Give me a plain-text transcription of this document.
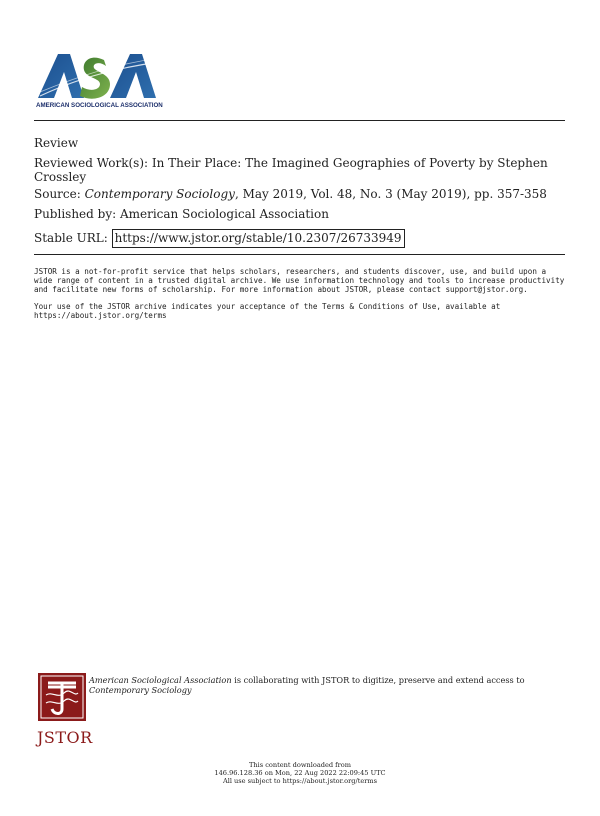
AMERICAN SOCIOLOGICAL ASSOCIATION
Review
Reviewed Work(s): In Their Place: The Imagined Geographies of Poverty by Stephen Crossley
Source: Contemporary Sociology, May 2019, Vol. 48, No. 3 (May 2019), pp. 357-358
Published by: American Sociological Association
Stable URL: https://www.jstor.org/stable/10.2307/26733949
JSTOR is a not-for-profit service that helps scholars, researchers, and students discover, use, and build upon a wide range of content in a trusted digital archive. We use information technology and tools to increase productivity and facilitate new forms of scholarship. For more information about JSTOR, please contact support@jstor.org.
Your use of the JSTOR archive indicates your acceptance of the Terms & Conditions of Use, available at https://about.jstor.org/terms
JSTOR
American Sociological Association is collaborating with JSTOR to digitize, preserve and extend access to Contemporary Sociology
This content downloaded from
146.96.128.36 on Mon, 22 Aug 2022 22:09:45 UTC
All use subject to https://about.jstor.org/terms
